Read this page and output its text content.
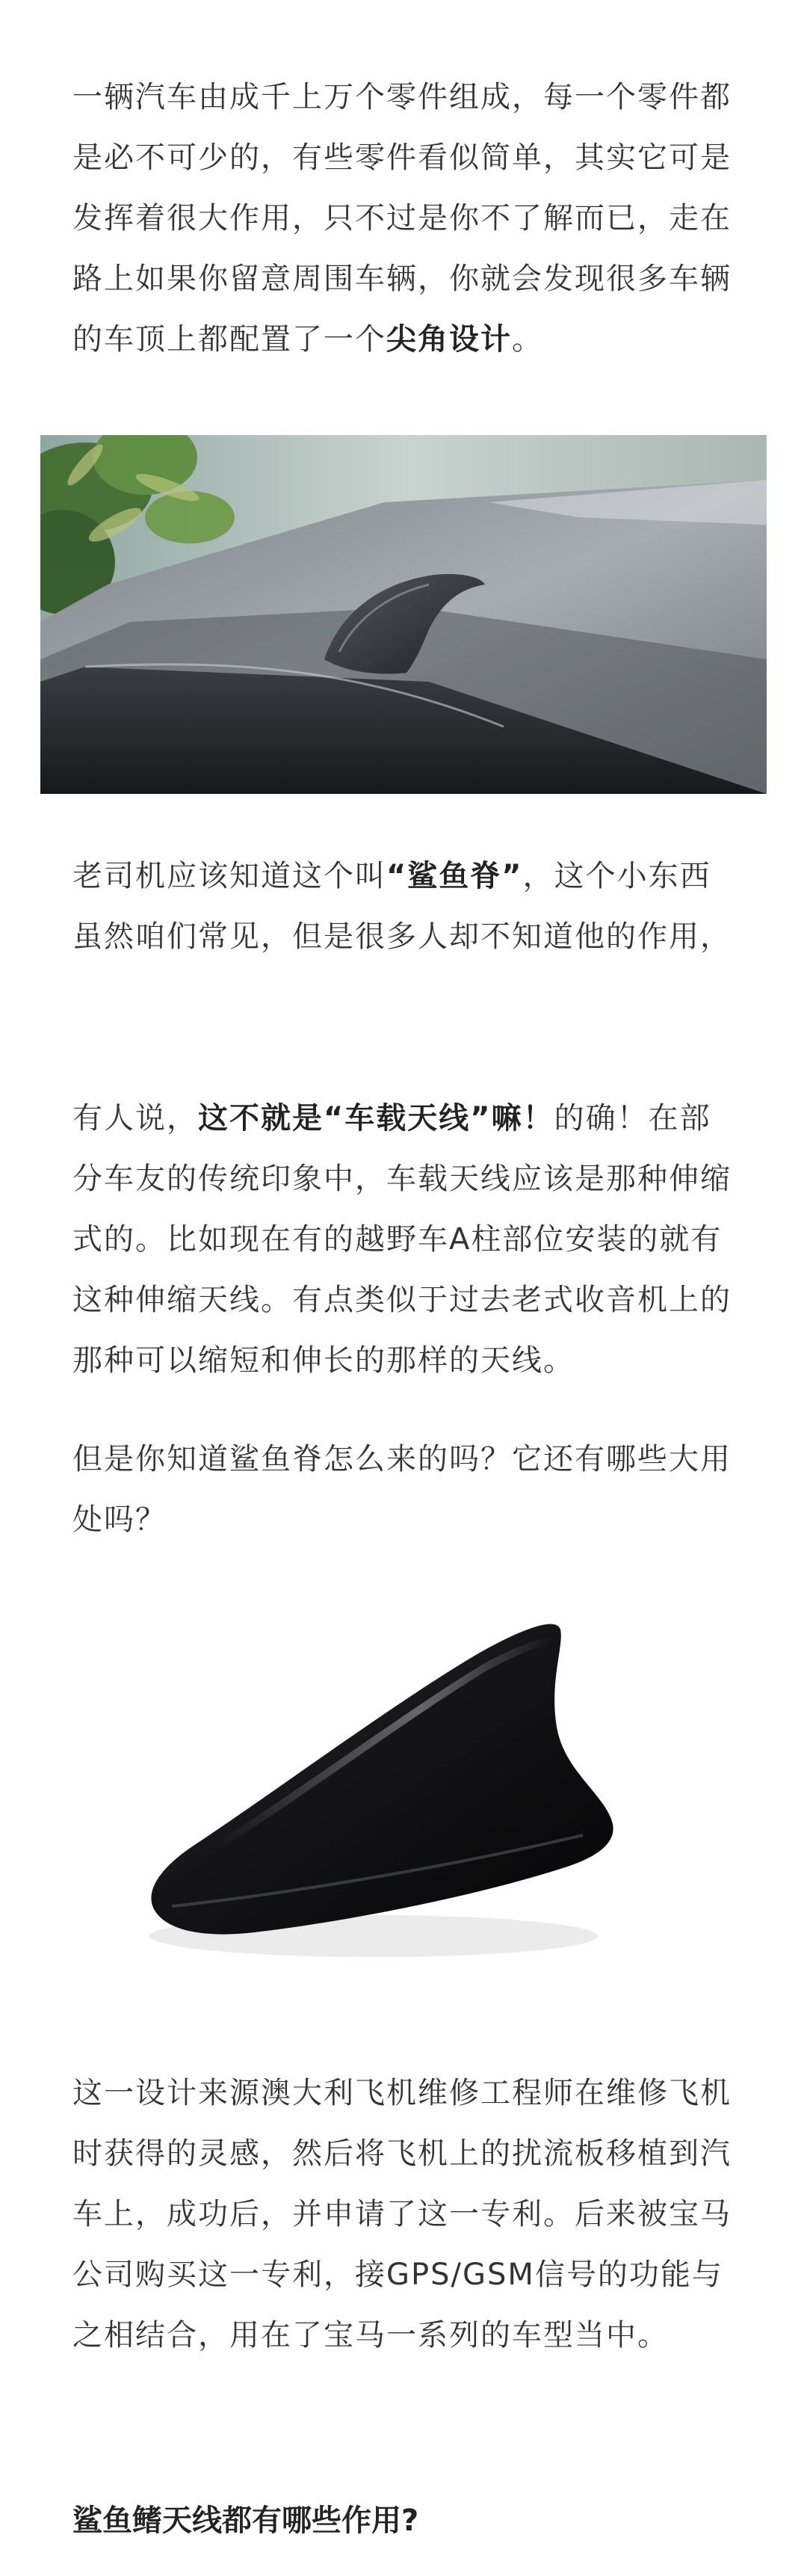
一辆汽车由成千上万个零件组成，每一个零件都是必不可少的，有些零件看似简单，其实它可是发挥着很大作用，只不过是你不了解而已，走在路上如果你留意周围车辆，你就会发现很多车辆的车顶上都配置了一个尖角设计。

老司机应该知道这个叫“鲨鱼脊”，这个小东西虽然咱们常见，但是很多人却不知道他的作用，

有人说，这不就是“车载天线”嘛！的确！在部分车友的传统印象中，车载天线应该是那种伸缩式的。比如现在有的越野车A柱部位安装的就有这种伸缩天线。有点类似于过去老式收音机上的那种可以缩短和伸长的那样的天线。

但是你知道鲨鱼脊怎么来的吗？它还有哪些大用处吗？

这一设计来源澳大利飞机维修工程师在维修飞机时获得的灵感，然后将飞机上的扰流板移植到汽车上，成功后，并申请了这一专利。后来被宝马公司购买这一专利，接GPS/GSM信号的功能与之相结合，用在了宝马一系列的车型当中。

鲨鱼鳍天线都有哪些作用?
